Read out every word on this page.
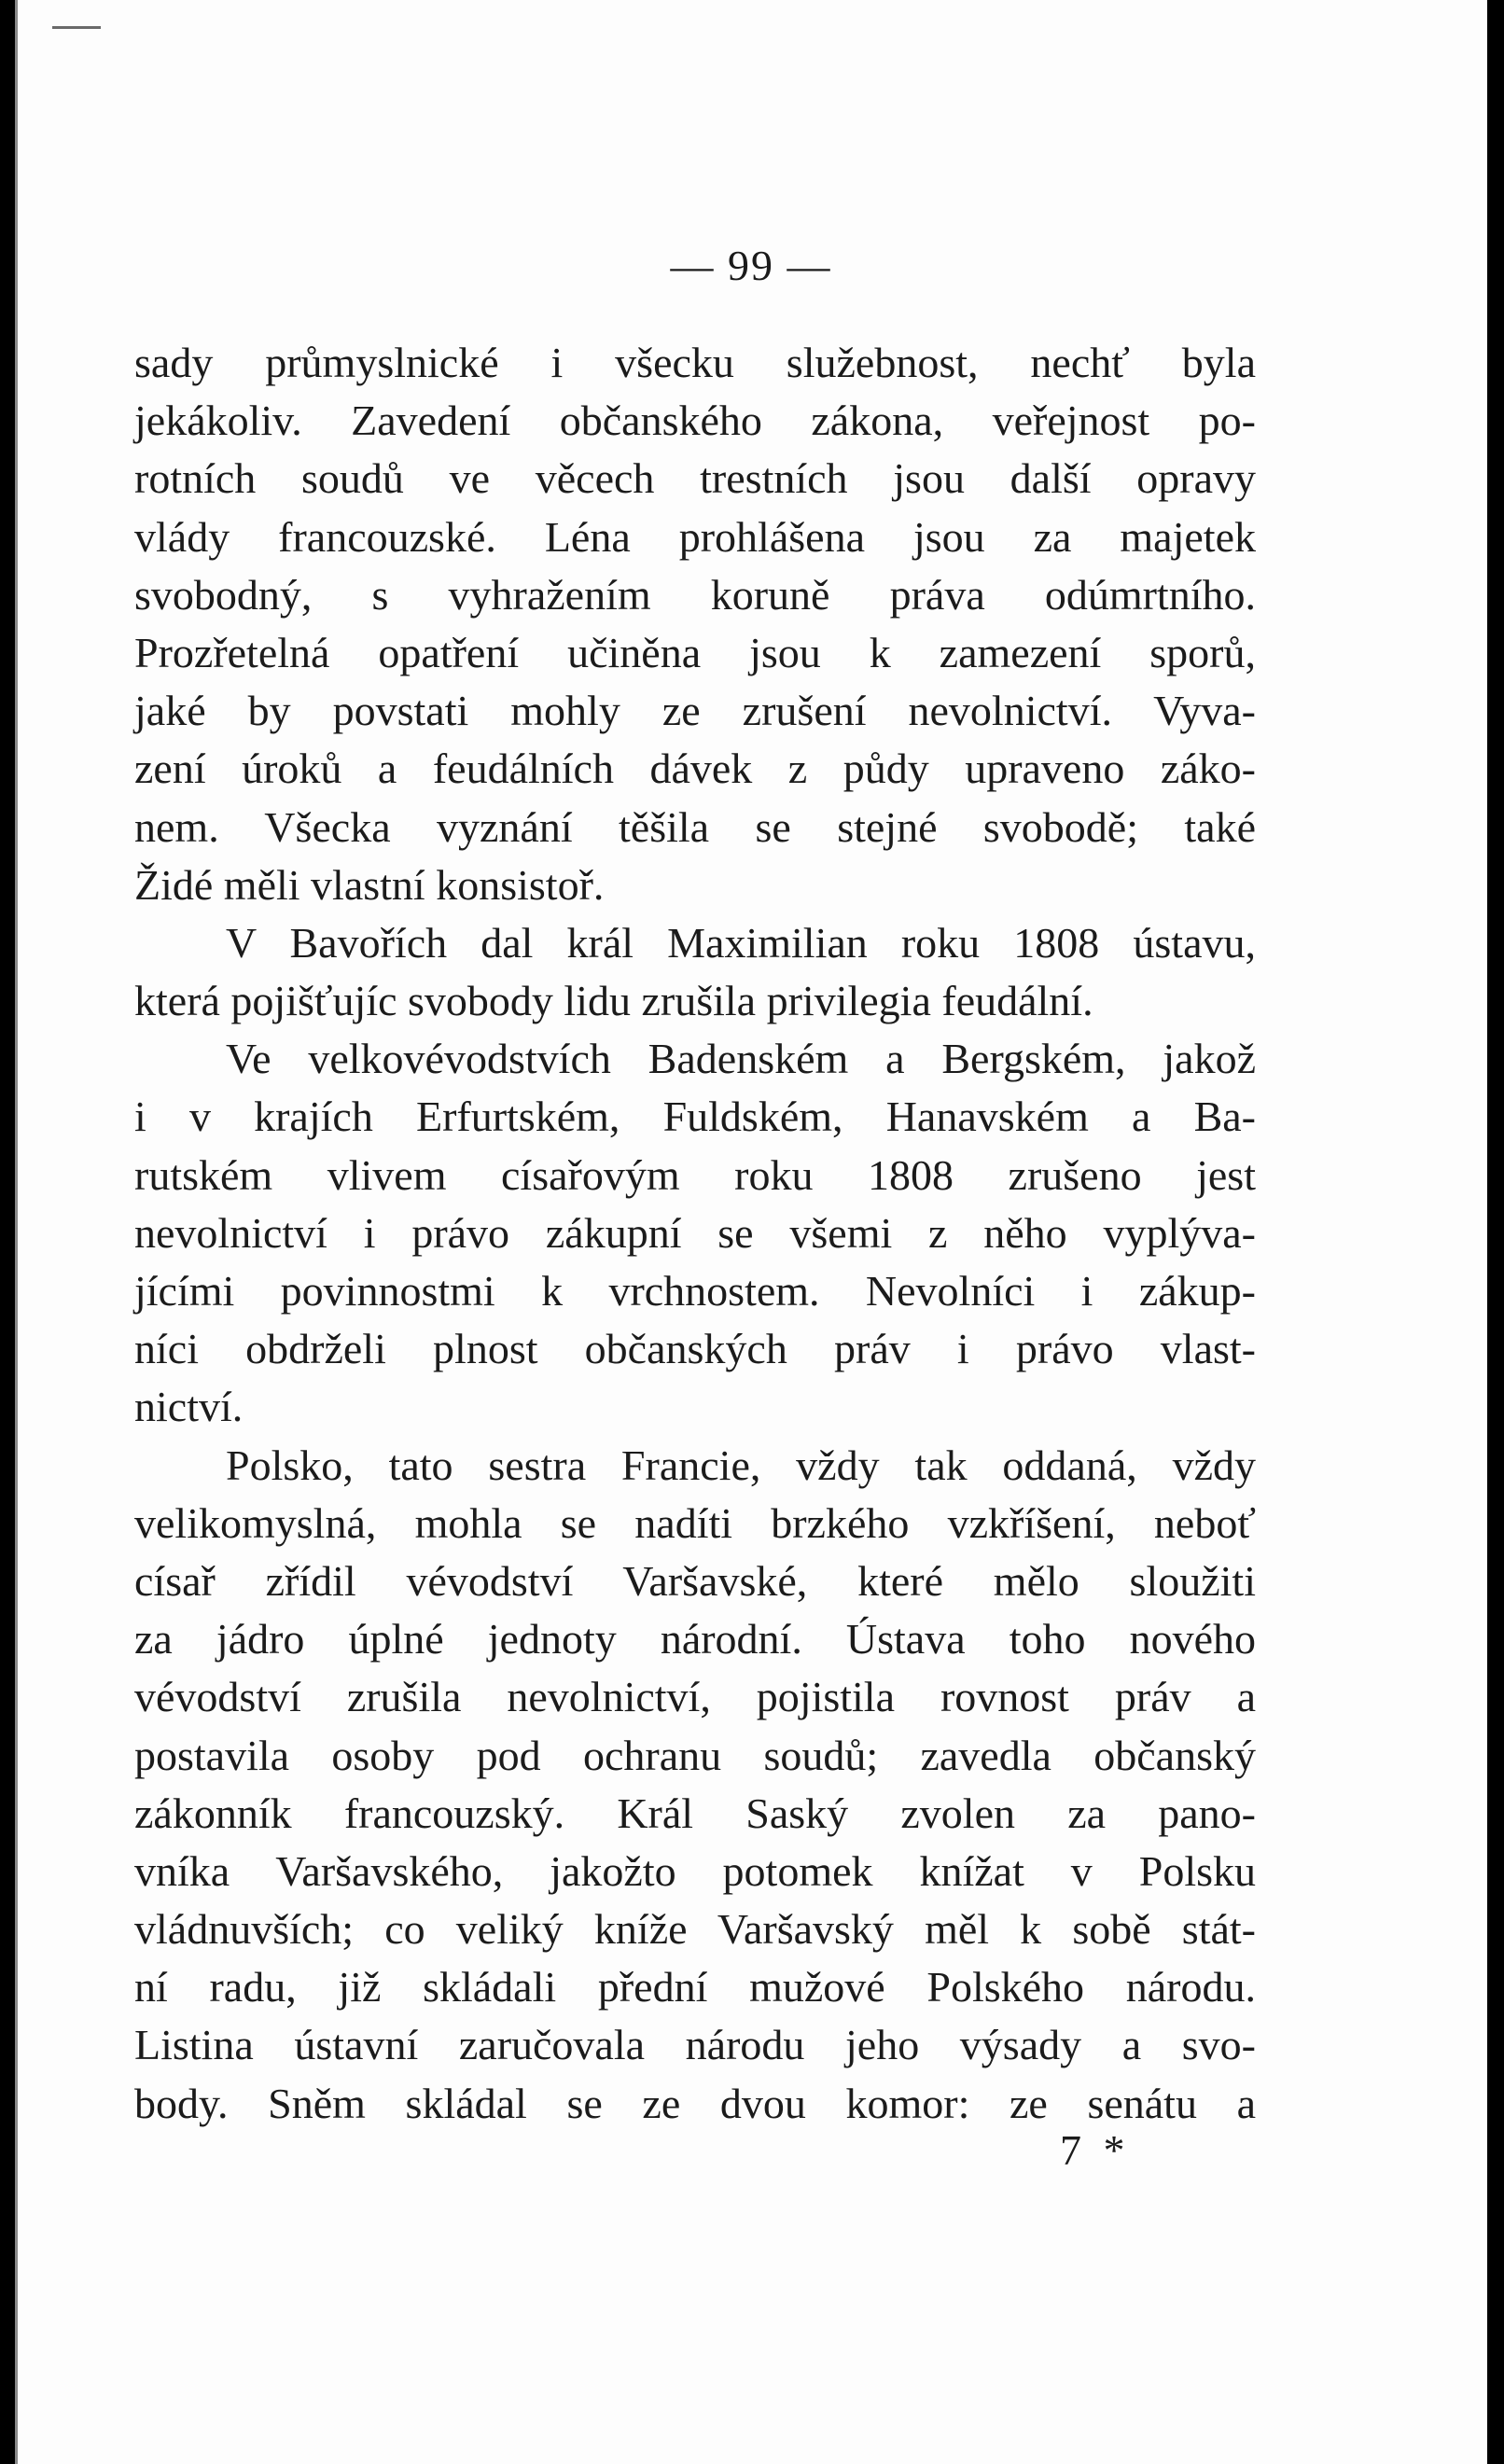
— 99 —
sady průmyslnické i všecku služebnost, nechť byla
jekákoliv. Zavedení občanského zákona, veřejnost po-
rotních soudů ve věcech trestních jsou další opravy
vlády francouzské. Léna prohlášena jsou za majetek
svobodný, s vyhražením koruně práva odúmrtního.
Prozřetelná opatření učiněna jsou k zamezení sporů,
jaké by povstati mohly ze zrušení nevolnictví. Vyva-
zení úroků a feudálních dávek z půdy upraveno záko-
nem. Všecka vyznání těšila se stejné svobodě; také
Židé měli vlastní konsistoř.
V Bavořích dal král Maximilian roku 1808 ústavu,
která pojišťujíc svobody lidu zrušila privilegia feudální.
Ve velkovévodstvích Badenském a Bergském, jakož
i v krajích Erfurtském, Fuldském, Hanavském a Ba-
rutském vlivem císařovým roku 1808 zrušeno jest
nevolnictví i právo zákupní se všemi z něho vyplýva-
jícími povinnostmi k vrchnostem. Nevolníci i zákup-
níci obdrželi plnost občanských práv i právo vlast-
nictví.
Polsko, tato sestra Francie, vždy tak oddaná, vždy
velikomyslná, mohla se nadíti brzkého vzkříšení, neboť
císař zřídil vévodství Varšavské, které mělo sloužiti
za jádro úplné jednoty národní. Ústava toho nového
vévodství zrušila nevolnictví, pojistila rovnost práv a
postavila osoby pod ochranu soudů; zavedla občanský
zákonník francouzský. Král Saský zvolen za pano-
vníka Varšavského, jakožto potomek knížat v Polsku
vládnuvších; co veliký kníže Varšavský měl k sobě stát-
ní radu, již skládali přední mužové Polského národu.
Listina ústavní zaručovala národu jeho výsady a svo-
body. Sněm skládal se ze dvou komor: ze senátu a
7 *
